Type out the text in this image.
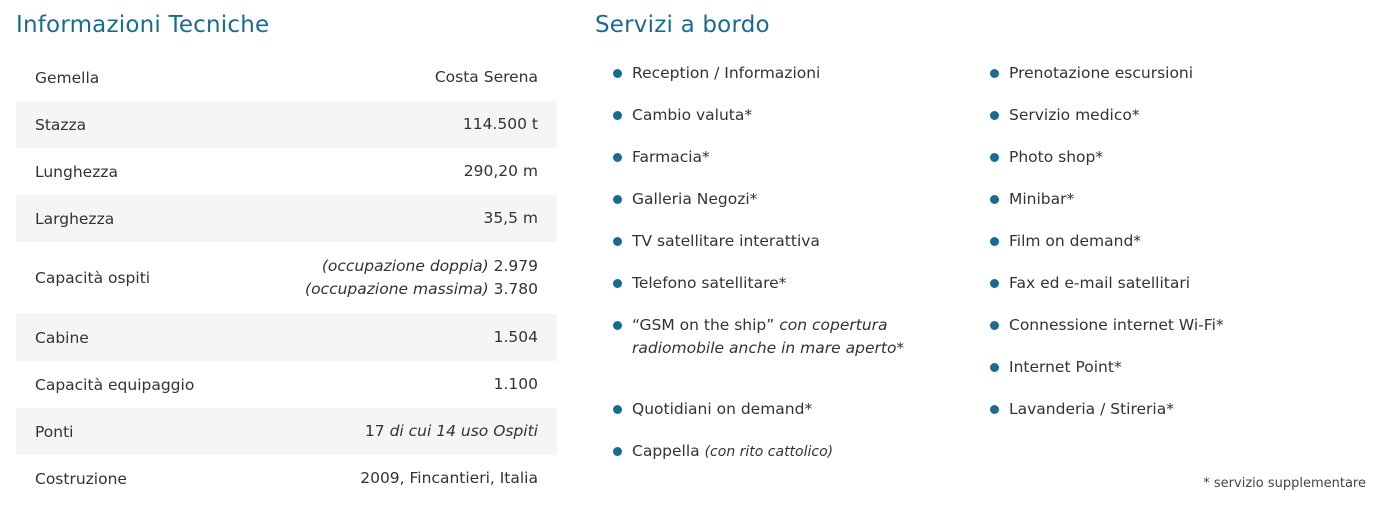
Informazioni Tecniche	Servizi a bordo
Gemella	Costa Serena
Stazza	114.500 t
Lunghezza	290,20 m
Larghezza	35,5 m
Capacità ospiti
(occupazione doppia) 2.979
(occupazione massima) 3.780
Cabine	1.504
Capacità equipaggio	1.100
Ponti	17 di cui 14 uso Ospiti
Costruzione	2009, Fincantieri, Italia
Reception / Informazioni
Cambio valuta*
Farmacia*
Galleria Negozi*
TV satellitare interattiva
Telefono satellitare*
“GSM on the ship” con copertura radiomobile anche in mare aperto*
Quotidiani on demand*
Cappella (con rito cattolico)
Prenotazione escursioni
Servizio medico*
Photo shop*
Minibar*
Film on demand*
Fax ed e-mail satellitari
Connessione internet Wi-Fi*
Internet Point*
Lavanderia / Stireria*
* servizio supplementare
